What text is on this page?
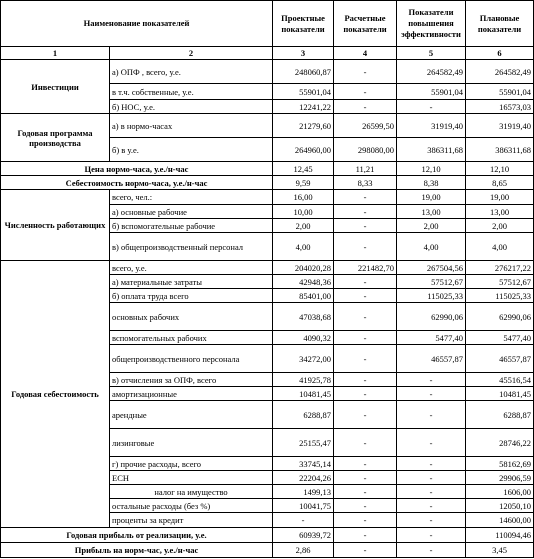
Наименование показателей		Проектные показатели	Расчетные показатели	Показатели повышения эффективности	Плановые показатели
1	2	3	4	5	6
Инвестиции	а) ОПФ , всего, у.е.	248060,87	-	264582,49	264582,49
	в т.ч. собственные, у.е.	55901,04	-	55901,04	55901,04
	б) НОС, у.е.	12241,22	-	-	16573,03
Годовая программа производства	а) в нормо-часах	21279,60	26599,50	31919,40	31919,40
	б) в у.е.	264960,00	298080,00	386311,68	386311,68
Цена нормо-часа, у.е./н-час		12,45	11,21	12,10	12,10
Себестоимость нормо-часа, у.е./н-час		9,59	8,33	8,38	8,65
Численность работающих	всего, чел.:	16,00	-	19,00	19,00
	а) основные рабочие	10,00	-	13,00	13,00
	б) вспомогательные рабочие	2,00	-	2,00	2,00
	в) общепроизводственный персонал	4,00	-	4,00	4,00
Годовая себестоимость	всего, у.е.	204020,28	221482,70	267504,56	276217,22
	а) материальные затраты	42948,36	-	57512,67	57512,67
	б) оплата труда всего	85401,00	-	115025,33	115025,33
	основных рабочих	47038,68	-	62990,06	62990,06
	вспомогательных рабочих	4090,32	-	5477,40	5477,40
	общепроизводственного персонала	34272,00	-	46557,87	46557,87
	в) отчисления за ОПФ, всего	41925,78	-	-	45516,54
	амортизационные	10481,45	-	-	10481,45
	арендные	6288,87	-	-	6288,87
	лизинговые	25155,47	-	-	28746,22
	г) прочие расходы, всего	33745,14	-	-	58162,69
	ЕСН	22204,26	-	-	29906,59
	налог на имущество	1499,13	-	-	1606,00
	остальные расходы (без %)	10041,75	-	-	12050,10
	проценты за кредит	-	-	-	14600,00
Годовая прибыль от реализации, у.е.		60939,72	-	-	110094,46
Прибыль на норм-час, у.е./н-час		2,86	-	-	3,45
